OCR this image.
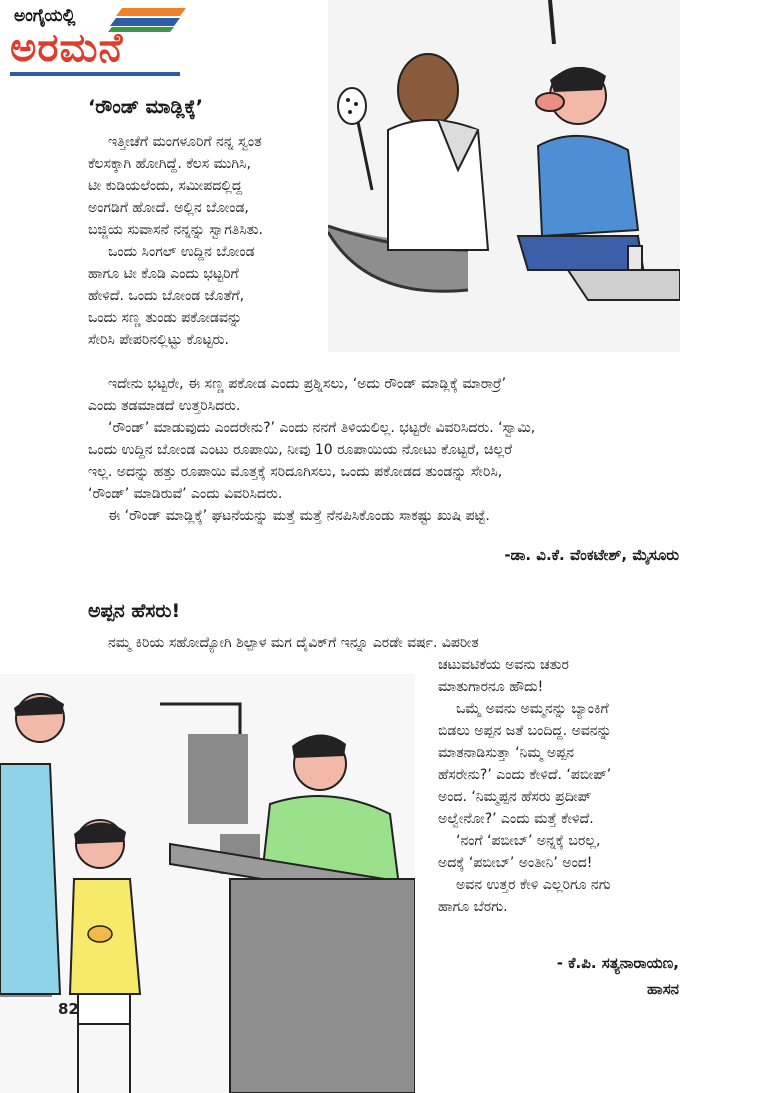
ಅಂಗೈಯಲ್ಲಿ
ಅರಮನೆ
‘ರೌಂಡ್ ಮಾಡ್ಲಿಕ್ಕೆ’
ಇತ್ತೀಚೆಗೆ ಮಂಗಳೂರಿಗೆ ನನ್ನ ಸ್ವಂತ
ಕೆಲಸಕ್ಕಾಗಿ ಹೋಗಿದ್ದೆ. ಕೆಲಸ ಮುಗಿಸಿ,
ಟೀ ಕುಡಿಯಲೆಂದು, ಸಮೀಪದಲ್ಲಿದ್ದ
ಅಂಗಡಿಗೆ ಹೋದೆ. ಅಲ್ಲಿನ ಬೋಂಡ,
ಬಜ್ಜಿಯ ಸುವಾಸನೆ ನನ್ನನ್ನು ಸ್ವಾಗತಿಸಿತು.
ಒಂದು ಸಿಂಗಲ್ ಉದ್ದಿನ ಬೋಂಡ
ಹಾಗೂ ಟೀ ಕೊಡಿ ಎಂದು ಭಟ್ಟರಿಗೆ
ಹೇಳಿದೆ. ಒಂದು ಬೋಂಡ ಜೊತೆಗೆ,
ಒಂದು ಸಣ್ಣ ತುಂಡು ಪಕೋಡವನ್ನು
ಸೇರಿಸಿ ಪೇಪರಿನಲ್ಲಿಟ್ಟು ಕೊಟ್ಟರು.
ಇದೇನು ಭಟ್ಟರೇ, ಈ ಸಣ್ಣ ಪಕೋಡ ಎಂದು ಪ್ರಶ್ನಿಸಲು, ‘ಅದು ರೌಂಡ್ ಮಾಡ್ಲಿಕ್ಕೆ ಮಾರಾರ್ರೆ’
ಎಂದು ತಡಮಾಡದೆ ಉತ್ತರಿಸಿದರು.
‘ರೌಂಡ್’ ಮಾಡುವುದು ಎಂದರೇನು?’ ಎಂದು ನನಗೆ ತಿಳಿಯಲಿಲ್ಲ. ಭಟ್ಟರೇ ವಿವರಿಸಿದರು. ‘ಸ್ವಾಮಿ,
ಒಂದು ಉದ್ದಿನ ಬೋಂಡ ಎಂಟು ರೂಪಾಯಿ, ನೀವು 10 ರೂಪಾಯಿಯ ನೋಟು ಕೊಟ್ಟರೆ, ಚಿಲ್ಲರೆ
ಇಲ್ಲ. ಅದನ್ನು ಹತ್ತು ರೂಪಾಯಿ ಮೊತ್ತಕ್ಕೆ ಸರಿದೂಗಿಸಲು, ಒಂದು ಪಕೋಡದ ತುಂಡನ್ನು ಸೇರಿಸಿ,
‘ರೌಂಡ್’ ಮಾಡಿರುವೆ’ ಎಂದು ವಿವರಿಸಿದರು.
ಈ ‘ರೌಂಡ್ ಮಾಡ್ಲಿಕ್ಕೆ’ ಘಟನೆಯನ್ನು ಮತ್ತೆ ಮತ್ತೆ ನೆನಪಿಸಿಕೊಂಡು ಸಾಕಷ್ಟು ಖುಷಿ ಪಟ್ಟೆ.
-ಡಾ. ವಿ.ಕೆ. ವೆಂಕಟೇಶ್, ಮೈಸೂರು
ಅಪ್ಪನ ಹೆಸರು!
ನಮ್ಮ ಕಿರಿಯ ಸಹೋದ್ಯೋಗಿ ಶಿಲ್ಪಾಳ ಮಗ ದೈವಿಕ್‌ಗೆ ಇನ್ನೂ ಎರಡೇ ವರ್ಷ. ವಿಪರೀತ
82
ಚಟುವಟಿಕೆಯ ಅವನು ಚತುರ
ಮಾತುಗಾರನೂ ಹೌದು!
ಒಮ್ಮೆ ಅವನು ಅಮ್ಮನನ್ನು ಬ್ಯಾಂಕಿಗೆ
ಬಿಡಲು ಅಪ್ಪನ ಜತೆ ಬಂದಿದ್ದ. ಅವನನ್ನು
ಮಾತನಾಡಿಸುತ್ತಾ ‘ನಿಮ್ಮ ಅಪ್ಪನ
ಹೆಸರೇನು?’ ಎಂದು ಕೇಳಿದೆ. ‘ಪಬೀಪ್’
ಅಂದ. ‘ನಿಮ್ಮಪ್ಪನ ಹೆಸರು ಪ್ರದೀಪ್
ಅಲ್ವೇನೋ?’ ಎಂದು ಮತ್ತೆ ಕೇಳಿದೆ.
‘ನಂಗೆ ‘ಪಬೀಬ್’ ಅನ್ನಕ್ಕೆ ಬರಲ್ಲ,
ಅದಕ್ಕೆ ‘ಪಬೀಬ್’ ಅಂತೀನಿ’ ಅಂದ!
ಅವನ ಉತ್ತರ ಕೇಳಿ ಎಲ್ಲರಿಗೂ ನಗು
ಹಾಗೂ ಬೆರಗು.
- ಕೆ.ಪಿ. ಸತ್ಯನಾರಾಯಣ,
ಹಾಸನ
